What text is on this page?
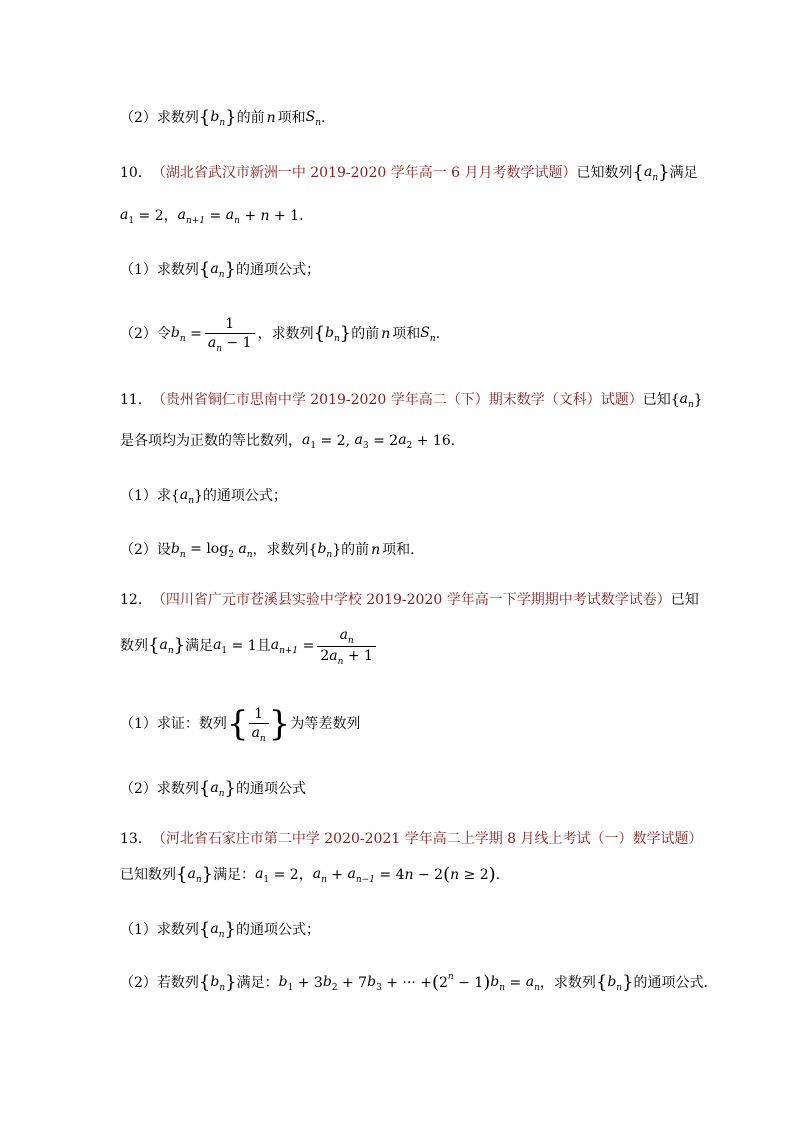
（2）求数列 { $b_n$ } 的前 n 项和 $S_n$ .
10． （湖北省武汉市新洲一中 2019-2020 学年高一 6 月月考数学试题） 已知数列 { $a_n$ } 满足
$a_1 = 2$ ， $a_{n+1} = a_n + n + 1$.
（1）求数列 { $a_n$ } 的通项公式；
（2）令 $b_n = \frac{1}{a_n - 1}$ ，求数列 { $b_n$ } 的前 n 项和 $S_n$ .
11． （贵州省铜仁市思南中学 2019-2020 学年高二（下）期末数学（文科）试题） 已知 { $a_n$ }
是各项均为正数的等比数列， $a_1 = 2$, $a_3 = 2$ $a_2 + 16$.
（1）求 { $a_n$ } 的通项公式；
（2）设 $b_n = \log_2 a_n$ ，求数列 { $b_n$ } 的前 n 项和.
12． （四川省广元市苍溪县实验中学校 2019-2020 学年高一下学期期中考试数学试卷） 已知
数列 { $a_n$ } 满足 $a_1 = 1$ 且 $a_{n+1} = \frac{a_n}{2a_n + 1}$
（1）求证：数列 { $\frac{1}{a_n}$ } 为等差数列
（2）求数列 { $a_n$ } 的通项公式
13． （河北省石家庄市第二中学 2020-2021 学年高二上学期 8 月线上考试（一）数学试题）
已知数列 { $a_n$ } 满足： $a_1 = 2$ ， $a_n + a_{n-1} = 4$ n − 2 ( n ≥ 2 ) .
（1）求数列 { $a_n$ } 的通项公式；
（2）若数列 { $b_n$ } 满足： $b_1 + 3$ $b_2 + 7$ $b_3$ + ··· + ( 2 n − 1 ) $b_n = a_n$ ，求数列 { $b_n$ } 的通项公式.
